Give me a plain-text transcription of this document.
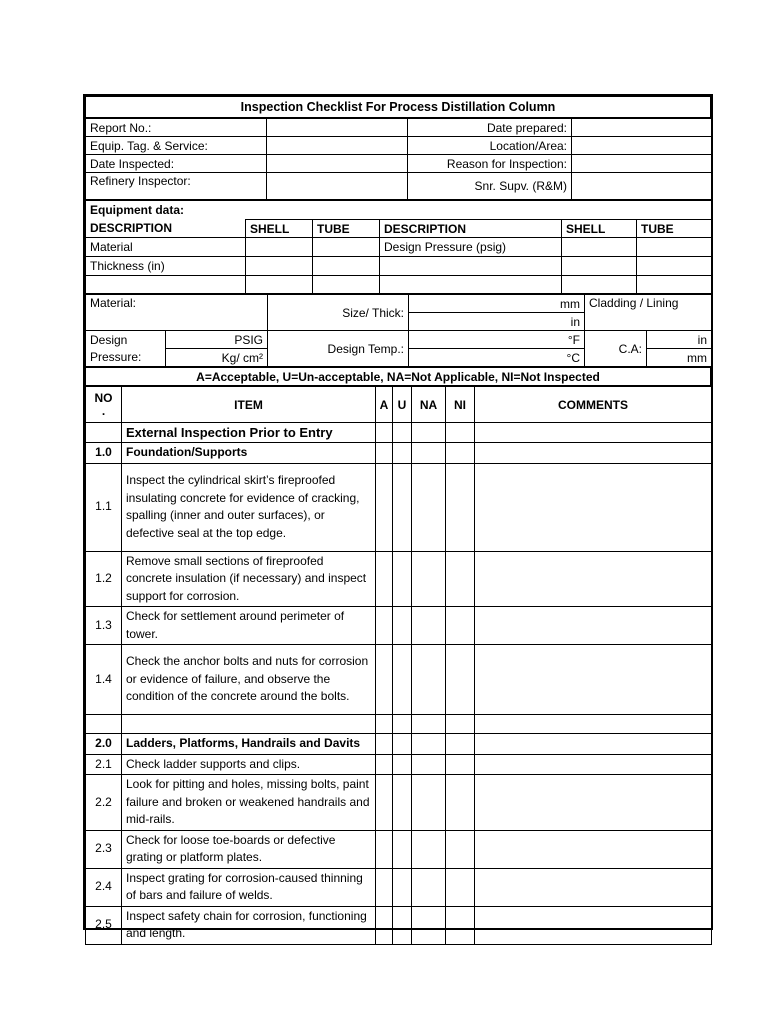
Inspection Checklist For Process Distillation Column
Report No.:		Date prepared:	
Equip. Tag. & Service:		Location/Area:	
Date Inspected:		Reason for Inspection:	
Refinery Inspector:		Snr. Supv. (R&M)	
Equipment data:					
DESCRIPTION	SHELL	TUBE	DESCRIPTION	SHELL	TUBE
Material			Design Pressure (psig)		
Thickness (in)					

Material:		Size/ Thick:	mm	Cladding / Lining	
			in		
Design	PSIG	Design Temp.:	°F	C.A:	in
Pressure:	Kg/ cm²		°C		mm
A=Acceptable, U=Un-acceptable, NA=Not Applicable, NI=Not Inspected
NO
.	ITEM	A	U	NA	NI	COMMENTS
	External Inspection Prior to Entry					
1.0	Foundation/Supports					
1.1	Inspect the cylindrical skirt’s fireproofed insulating concrete for evidence of cracking, spalling (inner and outer surfaces), or defective seal at the top edge.					
1.2	Remove small sections of fireproofed concrete insulation (if necessary) and inspect support for corrosion.					
1.3	Check for settlement around perimeter of tower.					
1.4	Check the anchor bolts and nuts for corrosion or evidence of failure, and observe the condition of the concrete around the bolts.					

2.0	Ladders, Platforms, Handrails and Davits					
2.1	Check ladder supports and clips.					
2.2	Look for pitting and holes, missing bolts, paint failure and broken or weakened handrails and mid-rails.					
2.3	Check for loose toe-boards or defective grating or platform plates.					
2.4	Inspect grating for corrosion-caused thinning of bars and failure of welds.					
2.5	Inspect safety chain for corrosion, functioning and length.					
